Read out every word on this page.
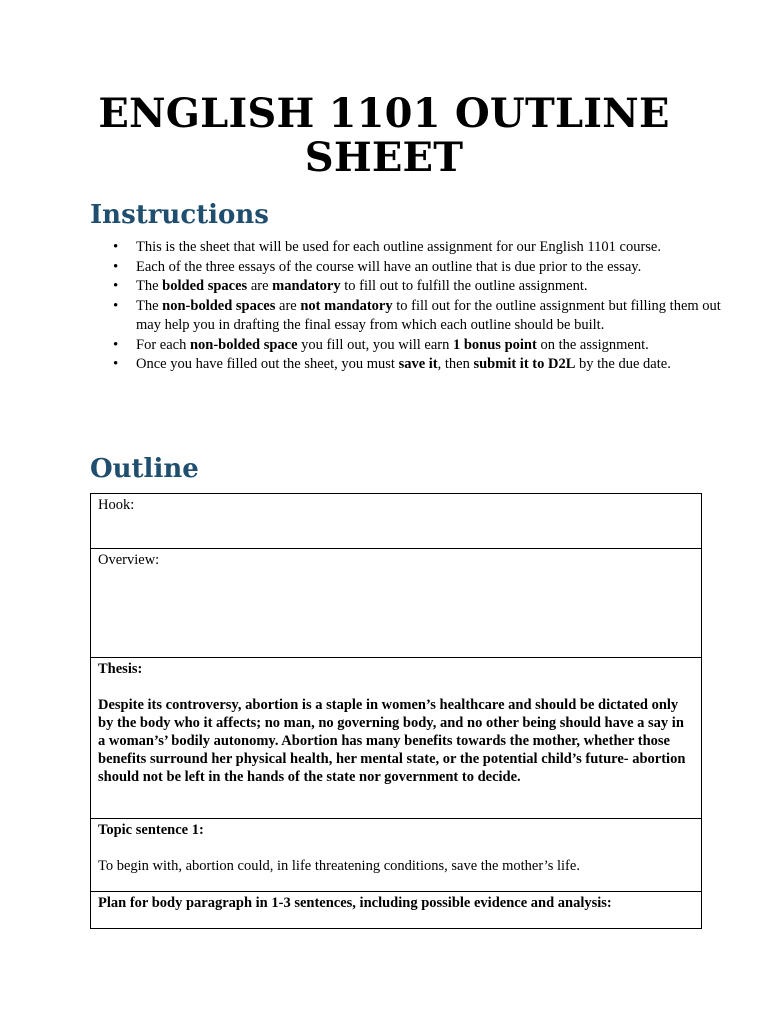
ENGLISH 1101 OUTLINE SHEET
Instructions
• This is the sheet that will be used for each outline assignment for our English 1101 course.
• Each of the three essays of the course will have an outline that is due prior to the essay.
• The bolded spaces are mandatory to fill out to fulfill the outline assignment.
• The non-bolded spaces are not mandatory to fill out for the outline assignment but filling them out may help you in drafting the final essay from which each outline should be built.
• For each non-bolded space you fill out, you will earn 1 bonus point on the assignment.
• Once you have filled out the sheet, you must save it, then submit it to D2L by the due date.
Outline
Hook:

Overview:

Thesis:
Despite its controversy, abortion is a staple in women’s healthcare and should be dictated only by the body who it affects; no man, no governing body, and no other being should have a say in a woman’s’ bodily autonomy. Abortion has many benefits towards the mother, whether those benefits surround her physical health, her mental state, or the potential child’s future- abortion should not be left in the hands of the state nor government to decide.

Topic sentence 1:
To begin with, abortion could, in life threatening conditions, save the mother’s life.

Plan for body paragraph in 1-3 sentences, including possible evidence and analysis:
